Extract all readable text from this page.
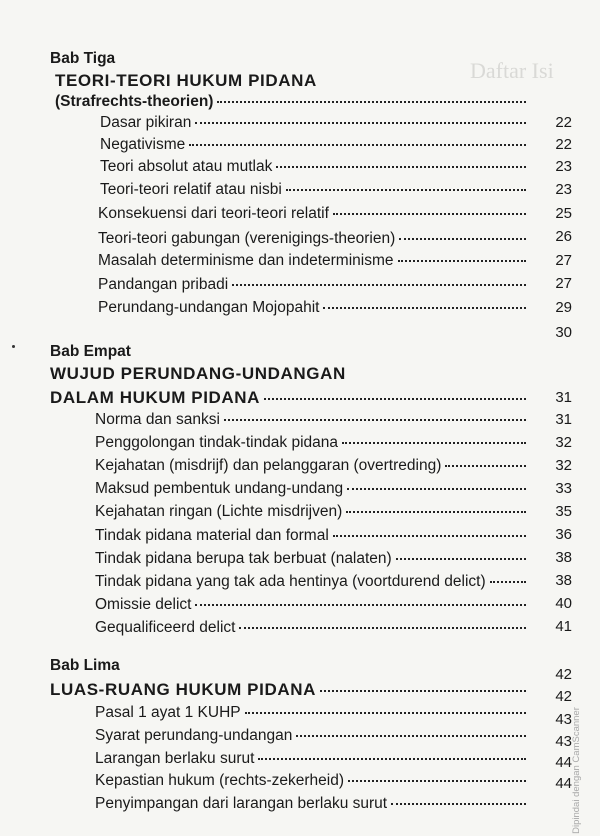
Daftar Isi
Bab Tiga
TEORI-TEORI HUKUM PIDANA
(Strafrechts-theorien)
Dasar pikiran
Negativisme
Teori absolut atau mutlak
Teori-teori relatif atau nisbi
Konsekuensi dari teori-teori relatif
Teori-teori gabungan (verenigings-theorien)
Masalah determinisme dan indeterminisme
Pandangan pribadi
Perundang-undangan Mojopahit
22
22
23
23
25
26
27
27
29
30
Bab Empat
WUJUD PERUNDANG-UNDANGAN
DALAM HUKUM PIDANA	31
Norma dan sanksi
Penggolongan tindak-tindak pidana
Kejahatan (misdrijf) dan pelanggaran (overtreding)
Maksud pembentuk undang-undang
Kejahatan ringan (Lichte misdrijven)
Tindak pidana material dan formal
Tindak pidana berupa tak berbuat (nalaten)
Tindak pidana yang tak ada hentinya (voortdurend delict)
Omissie delict
Gequalificeerd delict
31
32
32
33
35
36
38
38
40
41
Bab Lima
LUAS-RUANG HUKUM PIDANA
42
42
Pasal 1 ayat 1 KUHP
Syarat perundang-undangan
Larangan berlaku surut
Kepastian hukum (rechts-zekerheid)
Penyimpangan dari larangan berlaku surut
43
43
44
44
Dipindai dengan CamScanner
